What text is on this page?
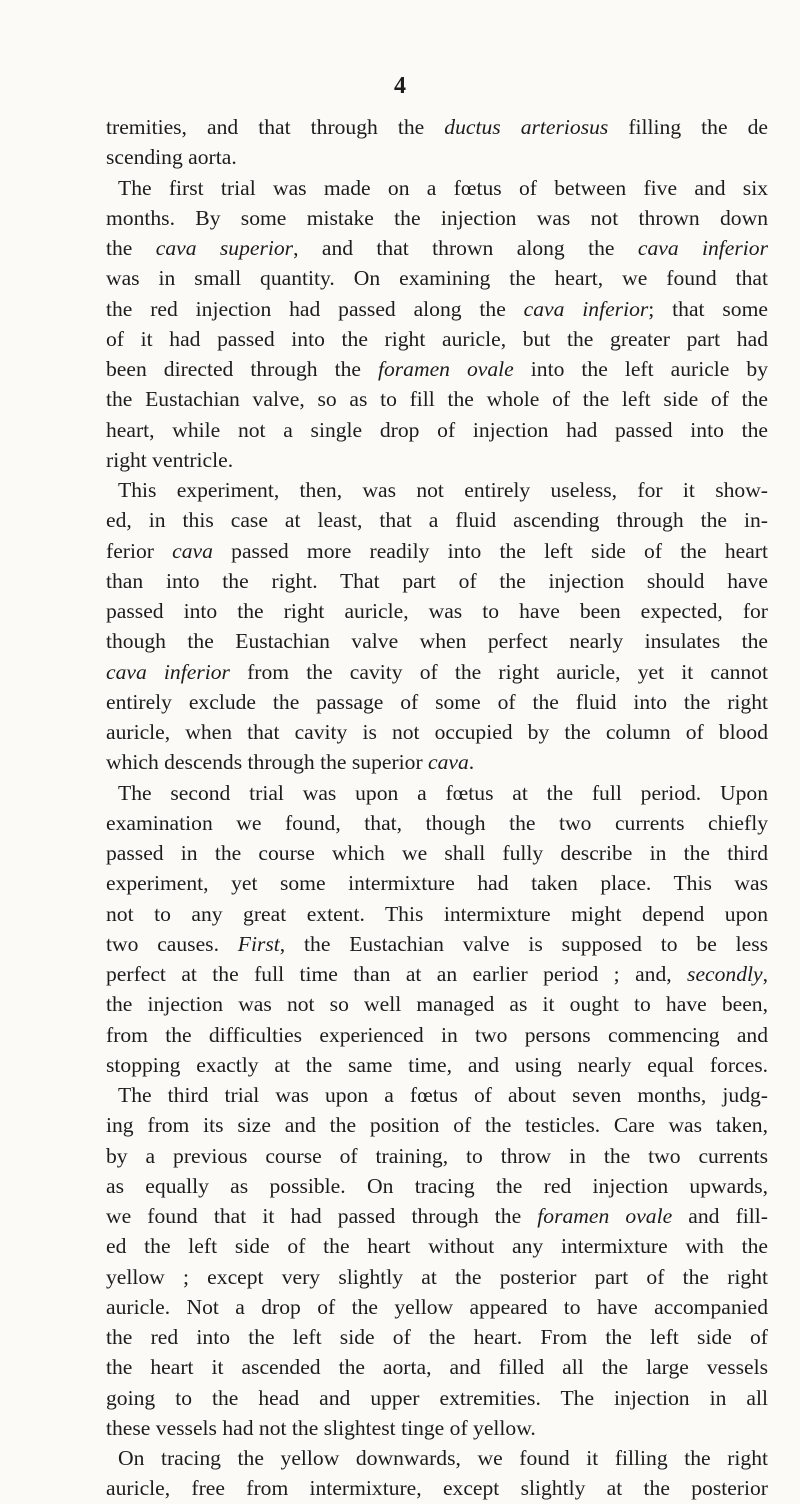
4
tremities, and that through the ductus arteriosus filling the de
scending aorta.
The first trial was made on a fœtus of between five and six
months. By some mistake the injection was not thrown down
the cava superior, and that thrown along the cava inferior
was in small quantity. On examining the heart, we found that
the red injection had passed along the cava inferior; that some
of it had passed into the right auricle, but the greater part had
been directed through the foramen ovale into the left auricle by
the Eustachian valve, so as to fill the whole of the left side of the
heart, while not a single drop of injection had passed into the
right ventricle.
This experiment, then, was not entirely useless, for it show-
ed, in this case at least, that a fluid ascending through the in-
ferior cava passed more readily into the left side of the heart
than into the right. That part of the injection should have
passed into the right auricle, was to have been expected, for
though the Eustachian valve when perfect nearly insulates the
cava inferior from the cavity of the right auricle, yet it cannot
entirely exclude the passage of some of the fluid into the right
auricle, when that cavity is not occupied by the column of blood
which descends through the superior cava.
The second trial was upon a fœtus at the full period. Upon
examination we found, that, though the two currents chiefly
passed in the course which we shall fully describe in the third
experiment, yet some intermixture had taken place. This was
not to any great extent. This intermixture might depend upon
two causes. First, the Eustachian valve is supposed to be less
perfect at the full time than at an earlier period ; and, secondly,
the injection was not so well managed as it ought to have been,
from the difficulties experienced in two persons commencing and
stopping exactly at the same time, and using nearly equal forces.
The third trial was upon a fœtus of about seven months, judg-
ing from its size and the position of the testicles. Care was taken,
by a previous course of training, to throw in the two currents
as equally as possible. On tracing the red injection upwards,
we found that it had passed through the foramen ovale and fill-
ed the left side of the heart without any intermixture with the
yellow ; except very slightly at the posterior part of the right
auricle. Not a drop of the yellow appeared to have accompanied
the red into the left side of the heart. From the left side of
the heart it ascended the aorta, and filled all the large vessels
going to the head and upper extremities. The injection in all
these vessels had not the slightest tinge of yellow.
On tracing the yellow downwards, we found it filling the right
auricle, free from intermixture, except slightly at the posterior
